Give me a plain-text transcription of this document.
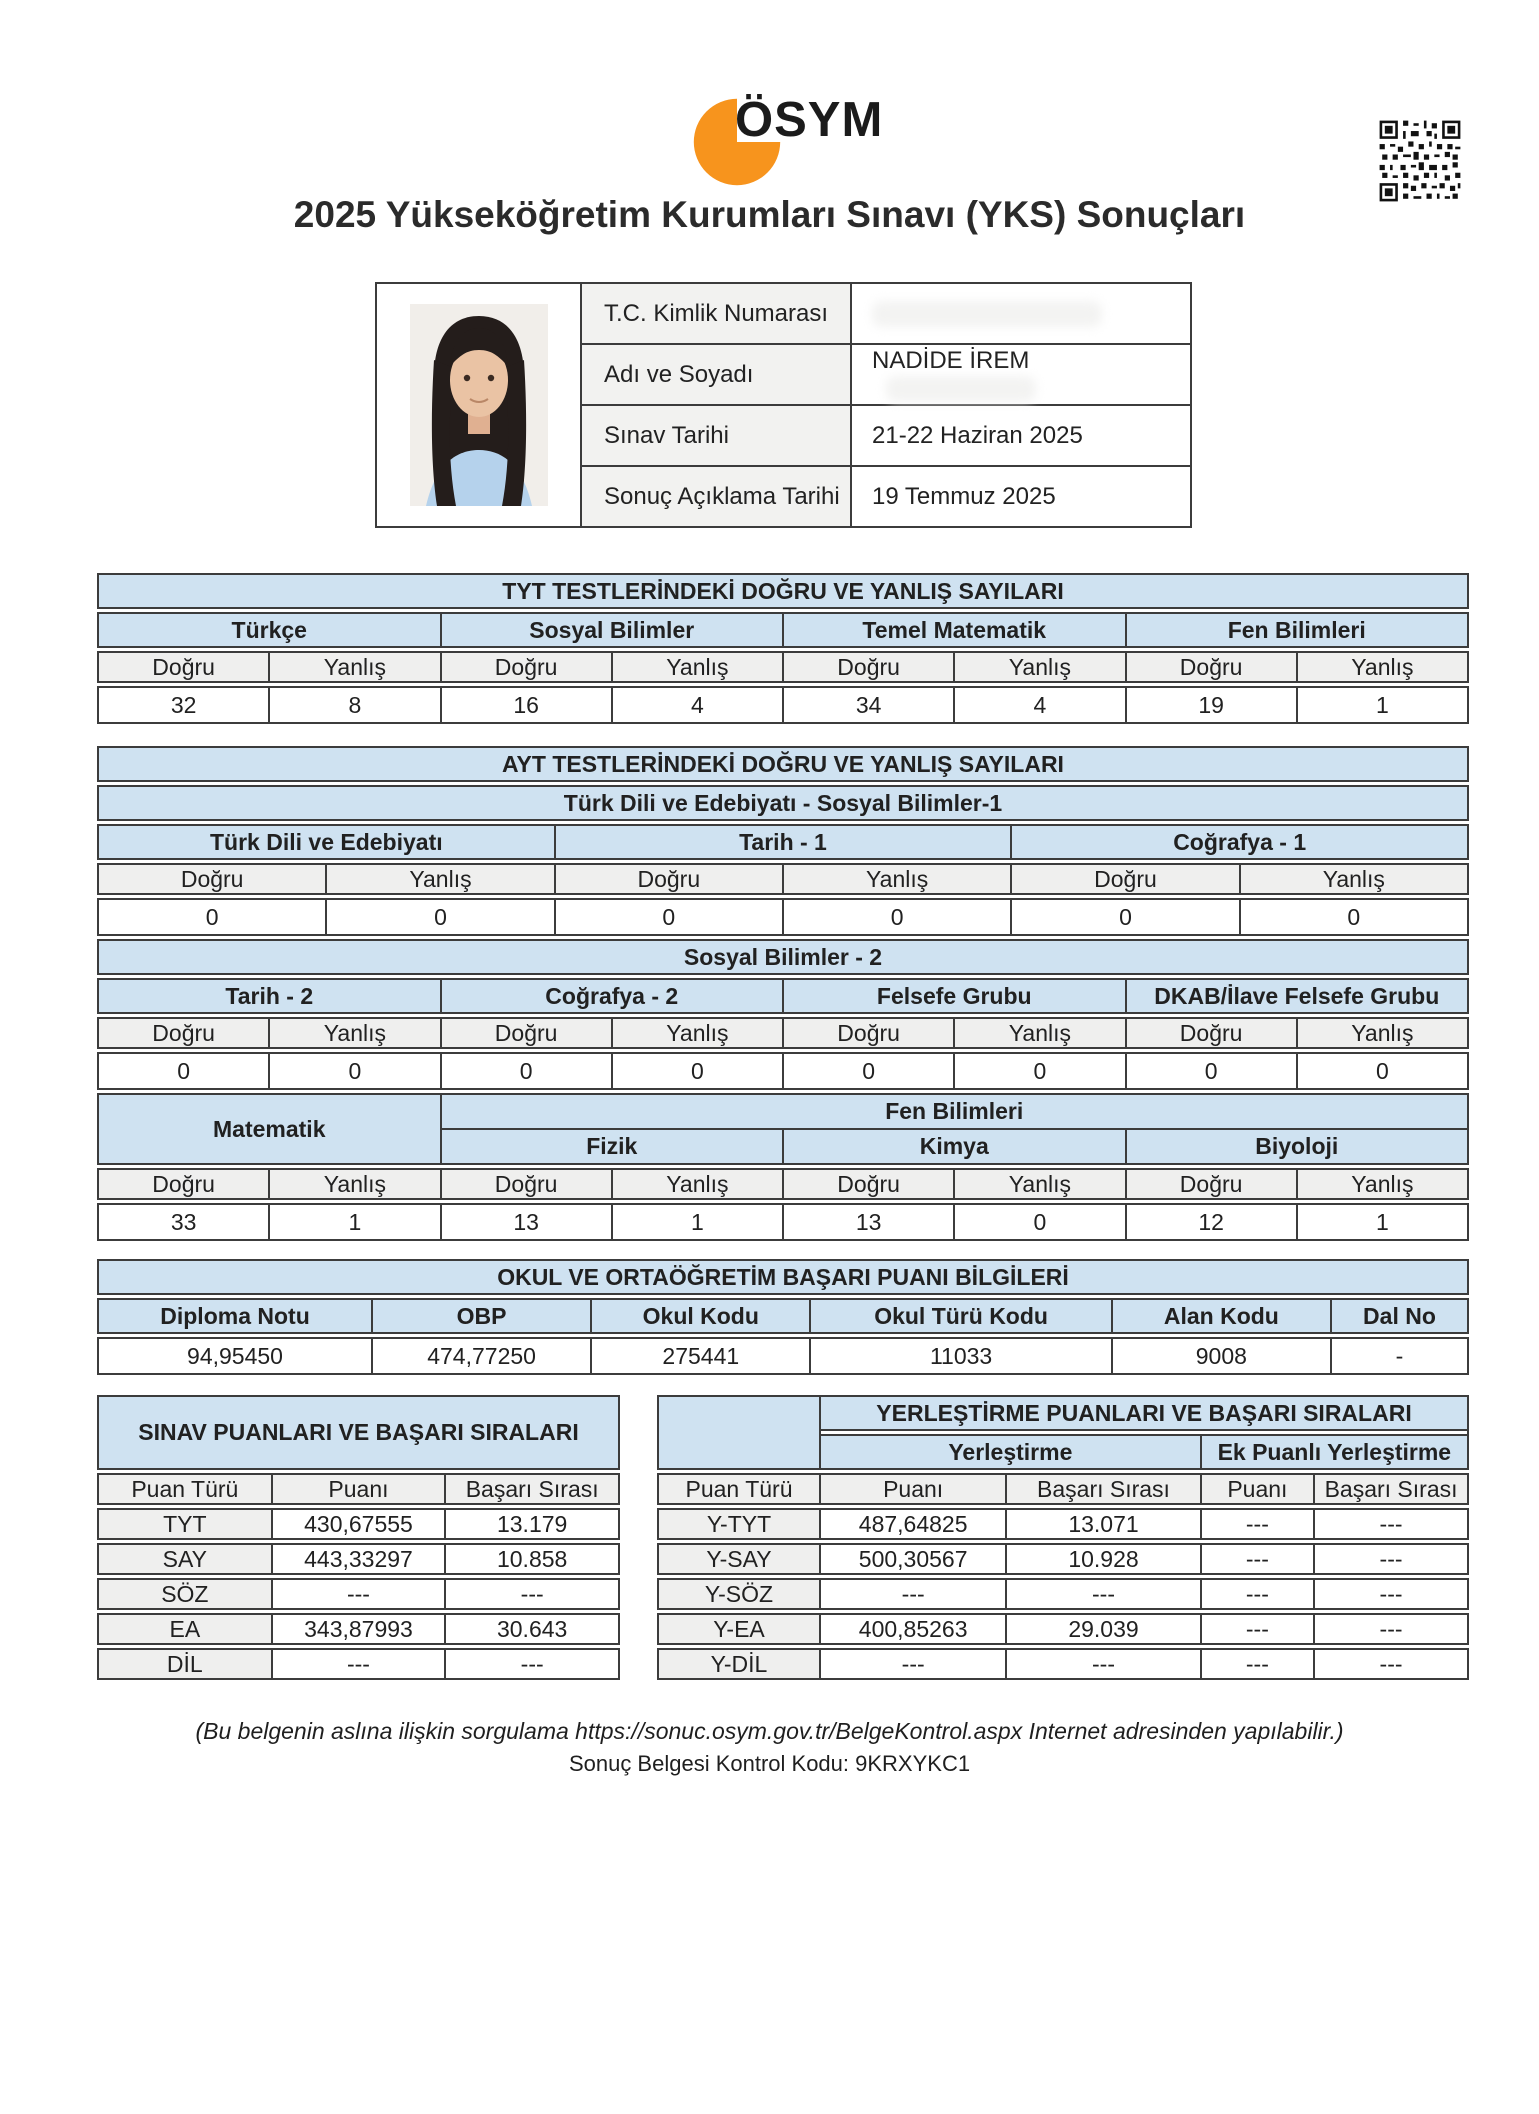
ÖSYM
2025 Yükseköğretim Kurumları Sınavı (YKS) Sonuçları
	T.C. Kimlik Numarası	
	Adı ve Soyadı	NADİDE İREM
	Sınav Tarihi	21-22 Haziran 2025
	Sonuç Açıklama Tarihi	19 Temmuz 2025
TYT TESTLERİNDEKİ DOĞRU VE YANLIŞ SAYILARI
Türkçe	Sosyal Bilimler	Temel Matematik	Fen Bilimleri
Doğru	Yanlış	Doğru	Yanlış	Doğru	Yanlış	Doğru	Yanlış
32	8	16	4	34	4	19	1
AYT TESTLERİNDEKİ DOĞRU VE YANLIŞ SAYILARI
Türk Dili ve Edebiyatı - Sosyal Bilimler-1
Türk Dili ve Edebiyatı	Tarih - 1	Coğrafya - 1
Doğru	Yanlış	Doğru	Yanlış	Doğru	Yanlış
0	0	0	0	0	0
Sosyal Bilimler - 2
Tarih - 2	Coğrafya - 2	Felsefe Grubu	DKAB/İlave Felsefe Grubu
Doğru	Yanlış	Doğru	Yanlış	Doğru	Yanlış	Doğru	Yanlış
0	0	0	0	0	0	0	0
Matematik	Fen Bilimleri		
	Fizik	Kimya	Biyoloji
Doğru	Yanlış	Doğru	Yanlış	Doğru	Yanlış	Doğru	Yanlış
33	1	13	1	13	0	12	1
OKUL VE ORTAÖĞRETİM BAŞARI PUANI BİLGİLERİ
Diploma Notu	OBP	Okul Kodu	Okul Türü Kodu	Alan Kodu	Dal No
94,95450	474,77250	275441	11033	9008	-
SINAV PUANLARI VE BAŞARI SIRALARI
Puan Türü	Puanı	Başarı Sırası
TYT	430,67555	13.179
SAY	443,33297	10.858
SÖZ	---	---
EA	343,87993	30.643
DİL	---	---
	YERLEŞTİRME PUANLARI VE BAŞARI SIRALARI	

	Yerleştirme	Ek Puanlı Yerleştirme
Puan Türü	Puanı	Başarı Sırası	Puanı	Başarı Sırası
Y-TYT	487,64825	13.071	---	---
Y-SAY	500,30567	10.928	---	---
Y-SÖZ	---	---	---	---
Y-EA	400,85263	29.039	---	---
Y-DİL	---	---	---	---

(Bu belgenin aslına ilişkin sorgulama https://sonuc.osym.gov.tr/BelgeKontrol.aspx Internet adresinden yapılabilir.)

Sonuç Belgesi Kontrol Kodu: 9KRXYKC1
